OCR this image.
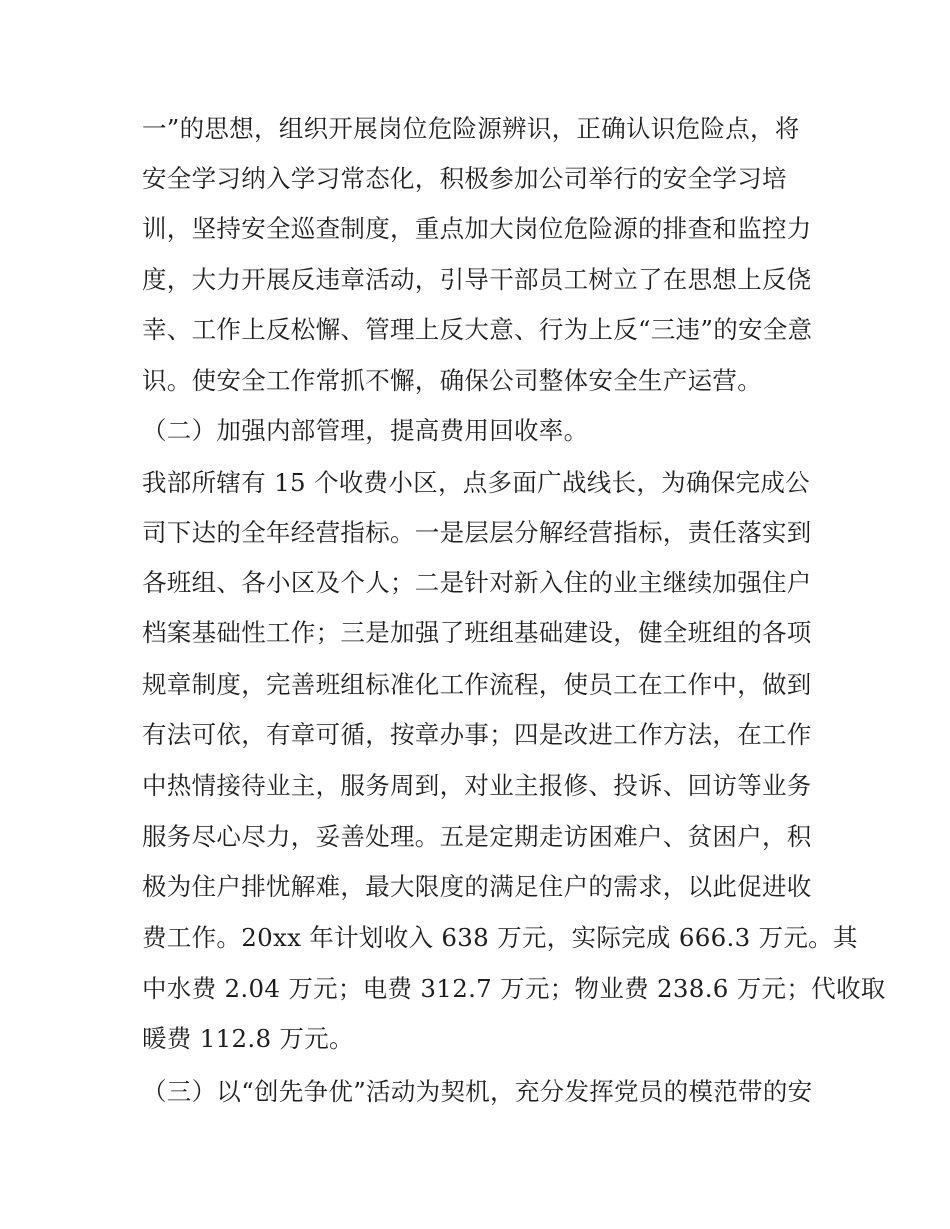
一”的思想，组织开展岗位危险源辨识，正确认识危险点，将
安全学习纳入学习常态化，积极参加公司举行的安全学习培
训，坚持安全巡查制度，重点加大岗位危险源的排查和监控力
度，大力开展反违章活动，引导干部员工树立了在思想上反侥
幸、工作上反松懈、管理上反大意、行为上反“三违”的安全意
识。使安全工作常抓不懈，确保公司整体安全生产运营。
（二）加强内部管理，提高费用回收率。
我部所辖有 15 个收费小区，点多面广战线长，为确保完成公
司下达的全年经营指标。一是层层分解经营指标，责任落实到
各班组、各小区及个人；二是针对新入住的业主继续加强住户
档案基础性工作；三是加强了班组基础建设，健全班组的各项
规章制度，完善班组标准化工作流程，使员工在工作中，做到
有法可依，有章可循，按章办事；四是改进工作方法，在工作
中热情接待业主，服务周到，对业主报修、投诉、回访等业务
服务尽心尽力，妥善处理。五是定期走访困难户、贫困户，积
极为住户排忧解难，最大限度的满足住户的需求，以此促进收
费工作。20xx 年计划收入 638 万元，实际完成 666.3 万元。其
中水费 2.04 万元；电费 312.7 万元；物业费 238.6 万元；代收取
暖费 112.8 万元。
（三）以“创先争优”活动为契机，充分发挥党员的模范带的安
